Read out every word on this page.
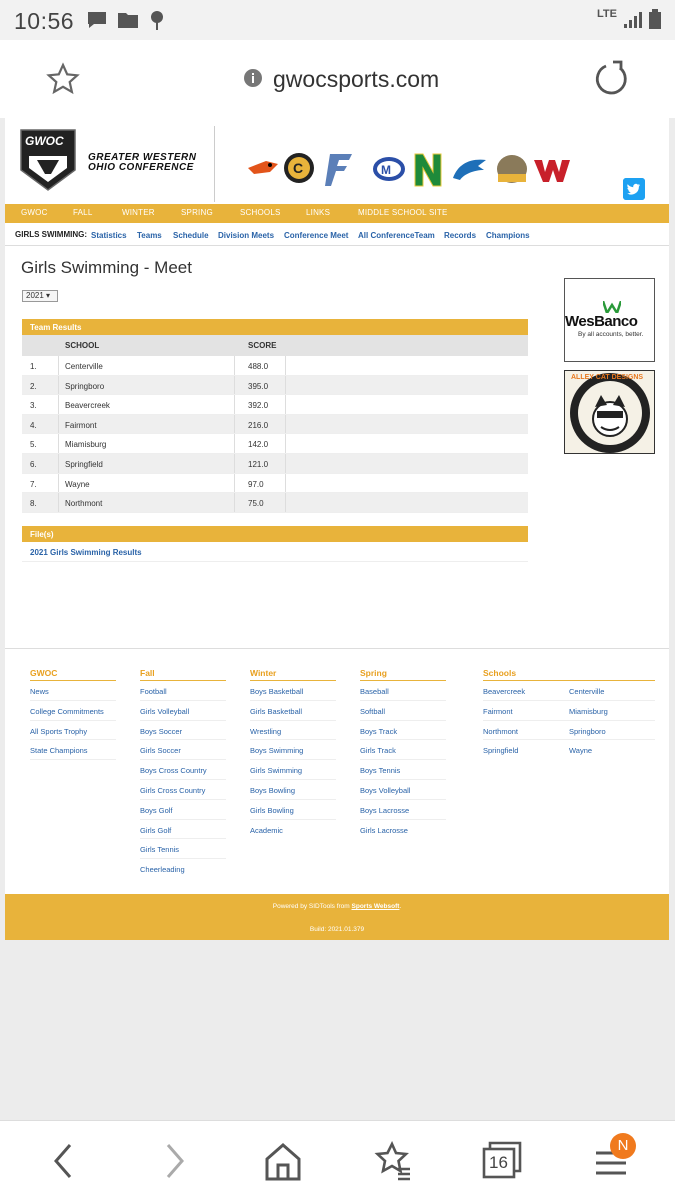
10:56	LTE
gwocsports.com
GWOC
GREATER WESTERN
OHIO CONFERENCE	C	M
GWOC	FALL	WINTER	SPRING	SCHOOLS	LINKS	MIDDLE SCHOOL SITE
GIRLS SWIMMING: Statistics Teams Schedule Division Meets Conference Meet All ConferenceTeam Records Champions
Girls Swimming - Meet
2021 ▾
Team Results
SCHOOL	SCORE
1.	Centerville	488.0
2.	Springboro	395.0
3.	Beavercreek	392.0
4.	Fairmont	216.0
5.	Miamisburg	142.0
6.	Springfield	121.0
7.	Wayne	97.0
8.	Northmont	75.0
File(s)
2021 Girls Swimming Results
WesBanco
By all accounts, better.
ALLEY CAT DESIGNS
GWOC
News
College Commitments
All Sports Trophy
State Champions
Fall
Football
Girls Volleyball
Boys Soccer
Girls Soccer
Boys Cross Country
Girls Cross Country
Boys Golf
Girls Golf
Girls Tennis
Cheerleading
Winter
Boys Basketball
Girls Basketball
Wrestling
Boys Swimming
Girls Swimming
Boys Bowling
Girls Bowling
Academic
Spring
Baseball
Softball
Boys Track
Girls Track
Boys Tennis
Boys Volleyball
Boys Lacrosse
Girls Lacrosse
Schools
Beavercreek
Fairmont
Northmont
Springfield
Centerville
Miamisburg
Springboro
Wayne
Powered by SIDTools from Sports Websoft.
Build: 2021.01.379
16
N
